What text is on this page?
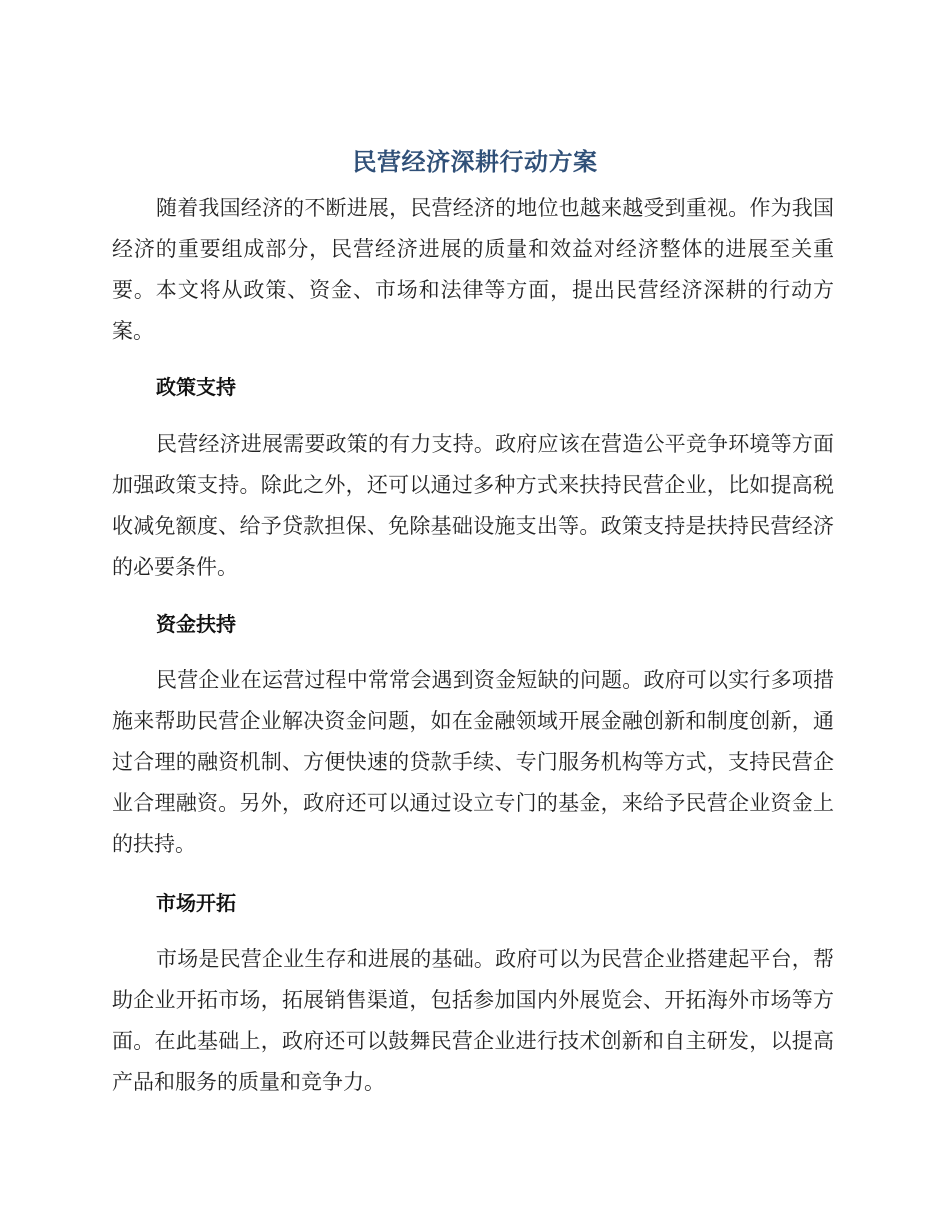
民营经济深耕行动方案

随着我国经济的不断进展，民营经济的地位也越来越受到重视。作为我国经济的重要组成部分，民营经济进展的质量和效益对经济整体的进展至关重要。本文将从政策、资金、市场和法律等方面，提出民营经济深耕的行动方案。

政策支持

民营经济进展需要政策的有力支持。政府应该在营造公平竞争环境等方面加强政策支持。除此之外，还可以通过多种方式来扶持民营企业，比如提高税收减免额度、给予贷款担保、免除基础设施支出等。政策支持是扶持民营经济的必要条件。

资金扶持

民营企业在运营过程中常常会遇到资金短缺的问题。政府可以实行多项措施来帮助民营企业解决资金问题，如在金融领域开展金融创新和制度创新，通过合理的融资机制、方便快速的贷款手续、专门服务机构等方式，支持民营企业合理融资。另外，政府还可以通过设立专门的基金，来给予民营企业资金上的扶持。

市场开拓

市场是民营企业生存和进展的基础。政府可以为民营企业搭建起平台，帮助企业开拓市场，拓展销售渠道，包括参加国内外展览会、开拓海外市场等方面。在此基础上，政府还可以鼓舞民营企业进行技术创新和自主研发，以提高产品和服务的质量和竞争力。
